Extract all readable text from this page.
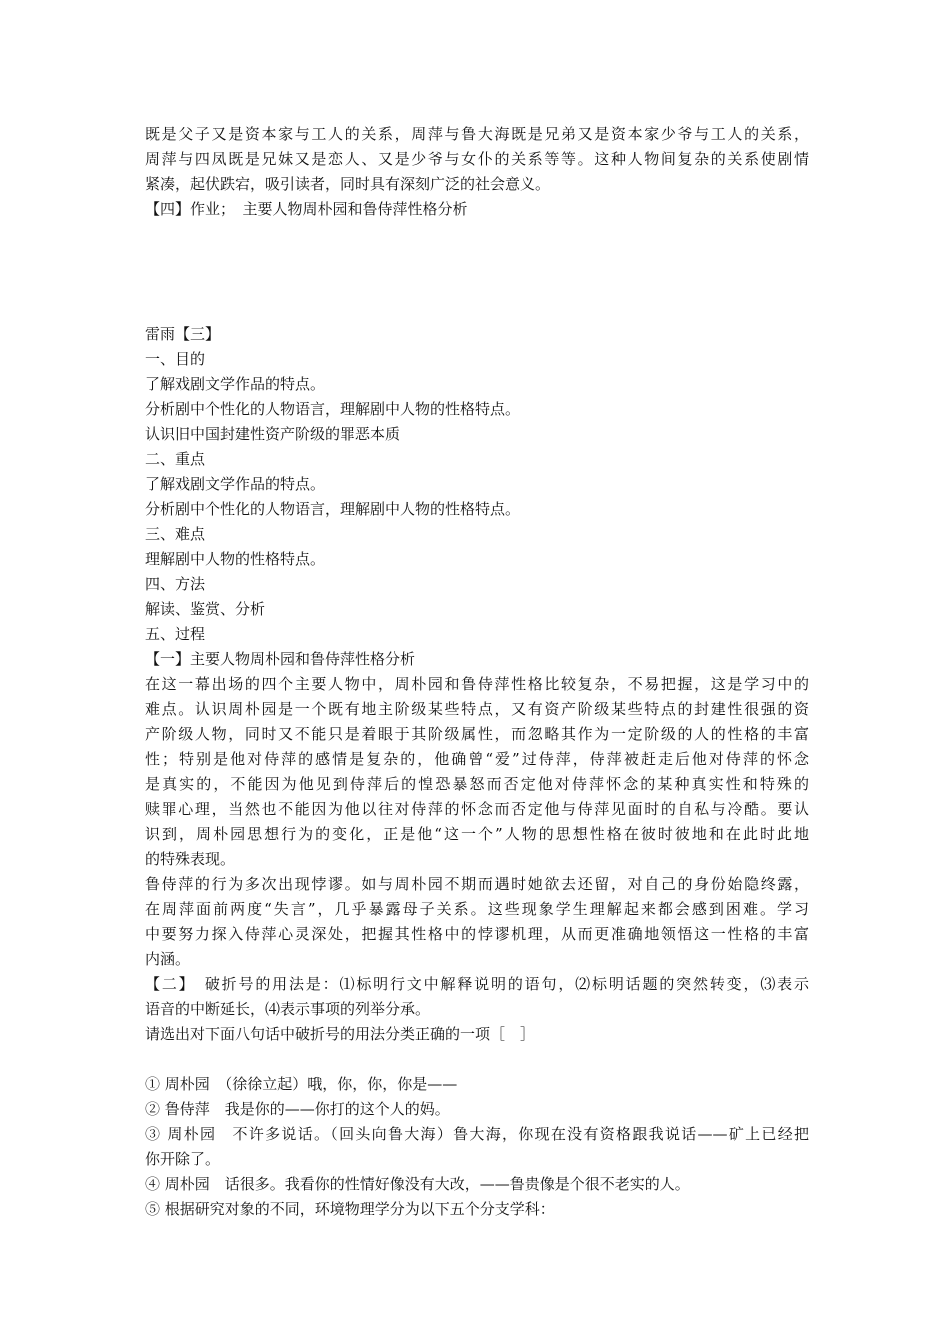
既是父子又是资本家与工人的关系，周萍与鲁大海既是兄弟又是资本家少爷与工人的关系，
周萍与四凤既是兄妹又是恋人、又是少爷与女仆的关系等等。这种人物间复杂的关系使剧情
紧凑，起伏跌宕，吸引读者，同时具有深刻广泛的社会意义。
【四】作业；　主要人物周朴园和鲁侍萍性格分析
雷雨【三】
一、目的
了解戏剧文学作品的特点。
分析剧中个性化的人物语言，理解剧中人物的性格特点。
认识旧中国封建性资产阶级的罪恶本质
二、重点
了解戏剧文学作品的特点。
分析剧中个性化的人物语言，理解剧中人物的性格特点。
三、难点
理解剧中人物的性格特点。
四、方法
解读、鉴赏、分析
五、过程
【一】主要人物周朴园和鲁侍萍性格分析
在这一幕出场的四个主要人物中，周朴园和鲁侍萍性格比较复杂，不易把握，这是学习中的
难点。认识周朴园是一个既有地主阶级某些特点，又有资产阶级某些特点的封建性很强的资
产阶级人物，同时又不能只是着眼于其阶级属性，而忽略其作为一定阶级的人的性格的丰富
性；特别是他对侍萍的感情是复杂的，他确曾“爱”过侍萍，侍萍被赶走后他对侍萍的怀念
是真实的，不能因为他见到侍萍后的惶恐暴怒而否定他对侍萍怀念的某种真实性和特殊的
赎罪心理，当然也不能因为他以往对侍萍的怀念而否定他与侍萍见面时的自私与冷酷。要认
识到，周朴园思想行为的变化，正是他“这一个”人物的思想性格在彼时彼地和在此时此地
的特殊表现。
鲁侍萍的行为多次出现悖谬。如与周朴园不期而遇时她欲去还留，对自己的身份始隐终露，
在周萍面前两度“失言”，几乎暴露母子关系。这些现象学生理解起来都会感到困难。学习
中要努力探入侍萍心灵深处，把握其性格中的悖谬机理，从而更准确地领悟这一性格的丰富
内涵。
【二】　破折号的用法是：⑴标明行文中解释说明的语句，⑵标明话题的突然转变，⑶表示
语音的中断延长，⑷表示事项的列举分承。
请选出对下面八句话中破折号的用法分类正确的一项［　］
① 周朴园　（徐徐立起）哦，你，你，你是——
② 鲁侍萍　我是你的——你打的这个人的妈。
③ 周朴园　不许多说话。（回头向鲁大海）鲁大海，你现在没有资格跟我说话——矿上已经把
你开除了。
④ 周朴园　话很多。我看你的性情好像没有大改，——鲁贵像是个很不老实的人。
⑤ 根据研究对象的不同，环境物理学分为以下五个分支学科：
